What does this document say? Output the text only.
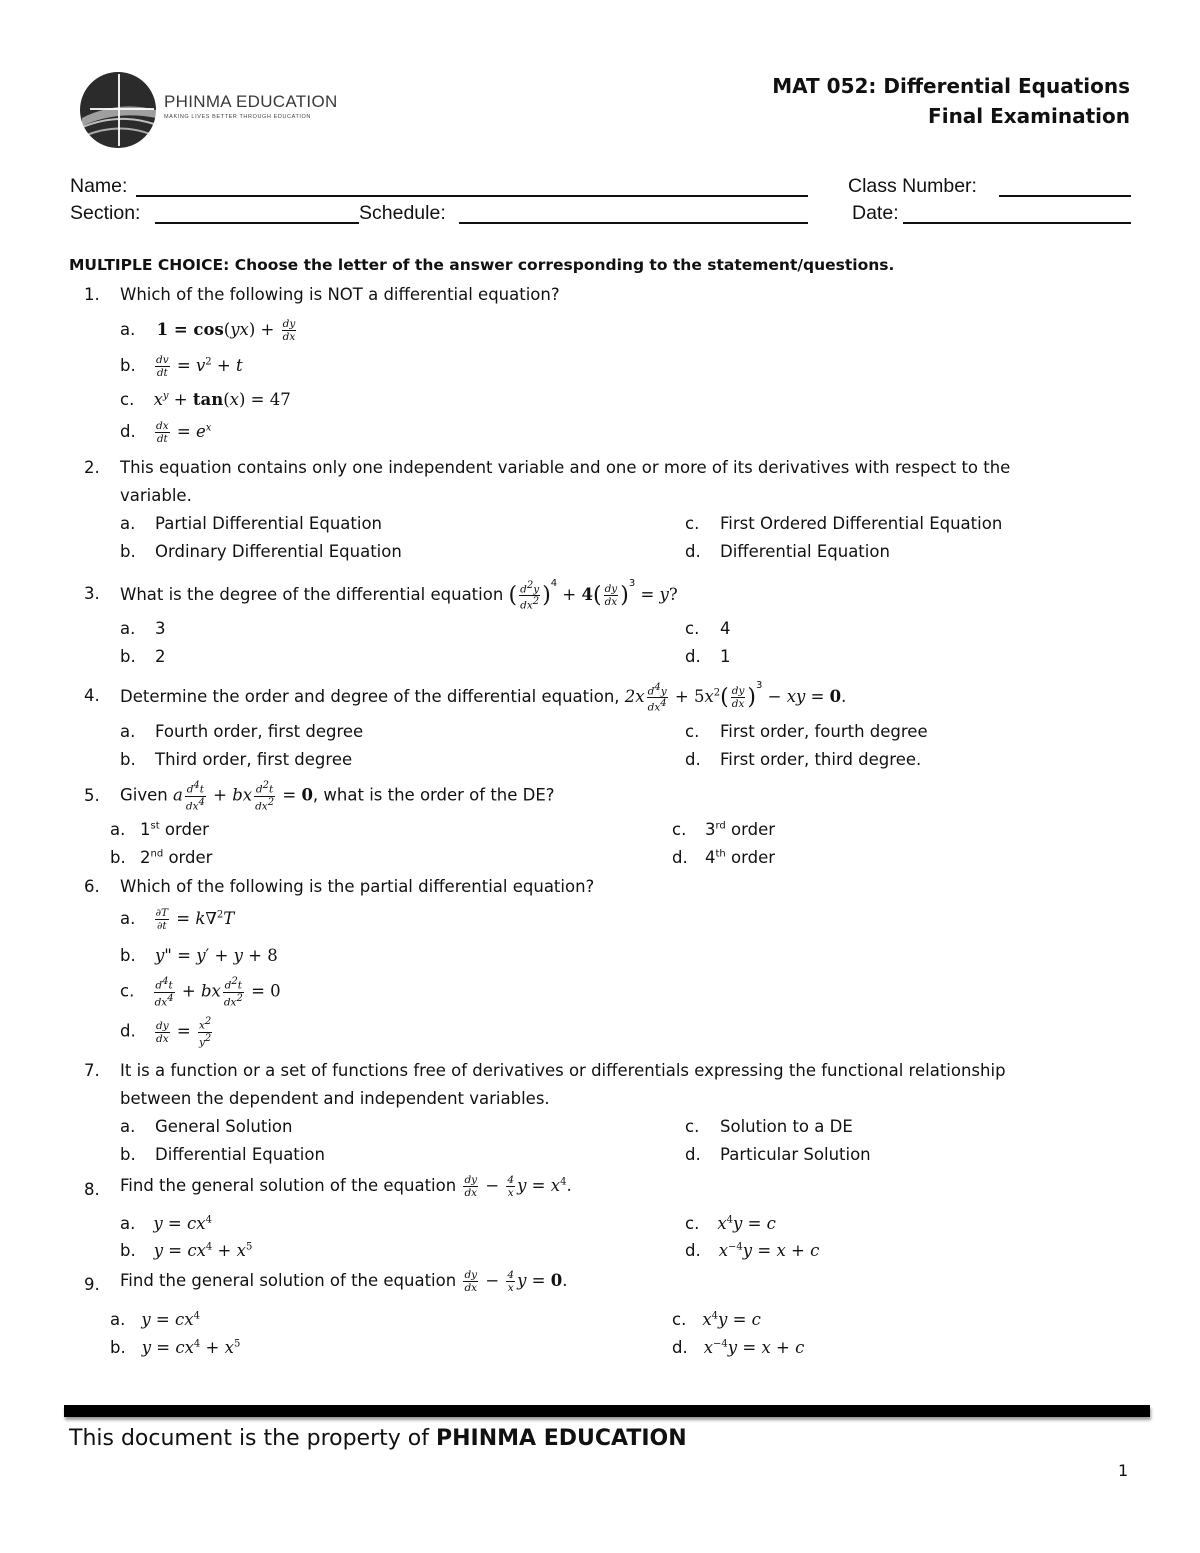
PHINMA EDUCATION
MAKING LIVES BETTER THROUGH EDUCATION
MAT 052: Differential Equations
Final Examination
Name:	Class Number:
Section:	Schedule:	Date:
MULTIPLE CHOICE: Choose the letter of the answer corresponding to the statement/questions.
1. Which of the following is NOT a differential equation?
a. $1 = \cos(yx) + \frac{dy}{dx}$
b. $\frac{dv}{dt} = v^2 + t$
c. $x^y + \tan(x) = 47$
d. $\frac{dx}{dt} = e^x$
2. This equation contains only one independent variable and one or more of its derivatives with respect to the
variable.
a. Partial Differential Equation
b. Ordinary Differential Equation
c. First Ordered Differential Equation
d. Differential Equation
3. What is the degree of the differential equation ( $\frac{d^2y}{dx^2} )^4 + 4( \frac{dy}{dx} )^3 = y$?
a. 3
b. 2
c. 4
d. 1
4. Determine the order and degree of the differential equation, $2x \frac{d^4y}{dx^4} + 5x^2( \frac{dy}{dx} )^3$ − xy = 0.
a. Fourth order, first degree
b. Third order, first degree
c. First order, fourth degree
d. First order, third degree.
5. Given a $\frac{d^4t}{dx^4}$ + bx $\frac{d^2t}{dx^2} = 0$, what is the order of the DE?
a. 1st order
b. 2nd order
c. 3rd order
d. 4th order
6. Which of the following is the partial differential equation?
a. $\frac{\partial T}{\partial t} = k\nabla^2T$
b. y" = y′ + y + 8
c. $\frac{d^4t}{dx^4}$ + bx $\frac{d^2t}{dx^2} = 0$
d. $\frac{dy}{dx} = \frac{x^2}{y^2}$
7. It is a function or a set of functions free of derivatives or differentials expressing the functional relationship
between the dependent and independent variables.
a. General Solution
b. Differential Equation
c. Solution to a DE
d. Particular Solution
8. Find the general solution of the equation $\frac{dy}{dx} - \frac{4}{x}$ $y = x^4$.
a. $y = cx^4$
b. $y = cx^4 + x^5$
c. $x^4y = c$
d. $x^{-4}y = x + c$
9. Find the general solution of the equation $\frac{dy}{dx} - \frac{4}{x}$ y = 0.
a. $y = cx^4$
b. $y = cx^4 + x^5$
c. $x^4y = c$
d. $x^{-4}y = x + c$
This document is the property of PHINMA EDUCATION
1
